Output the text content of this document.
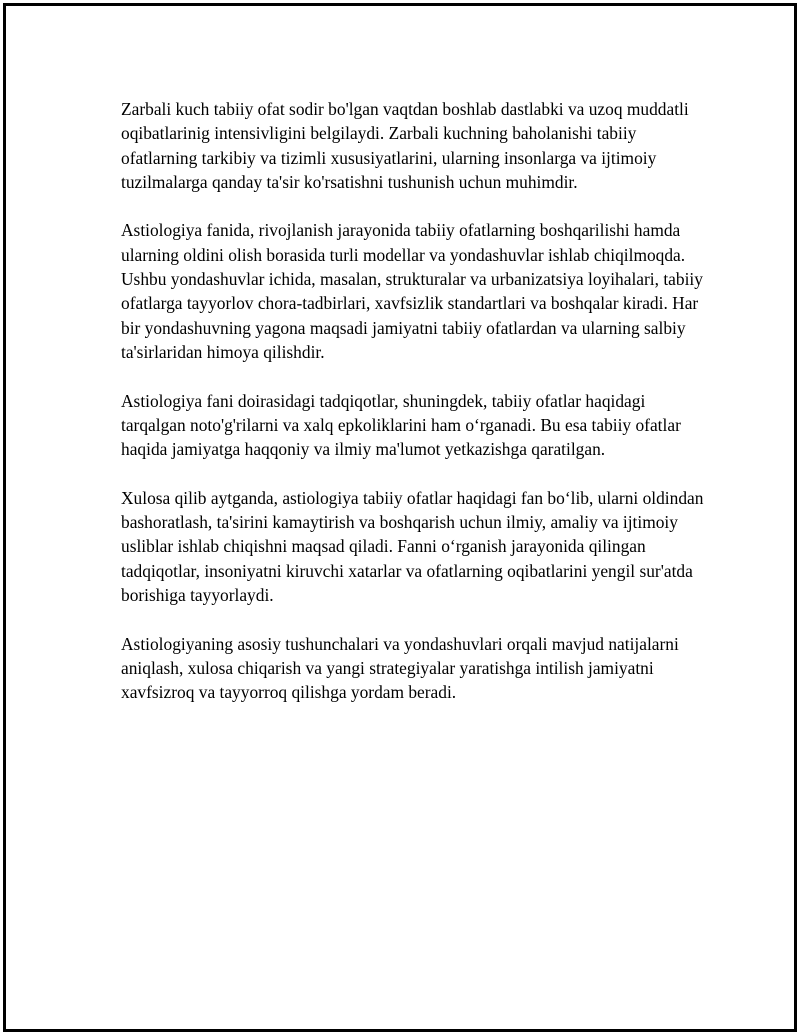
Zarbali kuch tabiiy ofat sodir bo'lgan vaqtdan boshlab dastlabki va uzoq muddatli oqibatlarinig intensivligini belgilaydi. Zarbali kuchning baholanishi tabiiy ofatlarning tarkibiy va tizimli xususiyatlarini, ularning insonlarga va ijtimoiy tuzilmalarga qanday ta'sir ko'rsatishni tushunish uchun muhimdir.

Astiologiya fanida, rivojlanish jarayonida tabiiy ofatlarning boshqarilishi hamda ularning oldini olish borasida turli modellar va yondashuvlar ishlab chiqilmoqda. Ushbu yondashuvlar ichida, masalan, strukturalar va urbanizatsiya loyihalari, tabiiy ofatlarga tayyorlov chora-tadbirlari, xavfsizlik standartlari va boshqalar kiradi. Har bir yondashuvning yagona maqsadi jamiyatni tabiiy ofatlardan va ularning salbiy ta'sirlaridan himoya qilishdir.

Astiologiya fani doirasidagi tadqiqotlar, shuningdek, tabiiy ofatlar haqidagi tarqalgan noto'g'rilarni va xalq epkoliklarini ham o‘rganadi. Bu esa tabiiy ofatlar haqida jamiyatga haqqoniy va ilmiy ma'lumot yetkazishga qaratilgan.

Xulosa qilib aytganda, astiologiya tabiiy ofatlar haqidagi fan bo‘lib, ularni oldindan bashoratlash, ta'sirini kamaytirish va boshqarish uchun ilmiy, amaliy va ijtimoiy usliblar ishlab chiqishni maqsad qiladi. Fanni o‘rganish jarayonida qilingan tadqiqotlar, insoniyatni kiruvchi xatarlar va ofatlarning oqibatlarini yengil sur'atda borishiga tayyorlaydi.

Astiologiyaning asosiy tushunchalari va yondashuvlari orqali mavjud natijalarni aniqlash, xulosa chiqarish va yangi strategiyalar yaratishga intilish jamiyatni xavfsizroq va tayyorroq qilishga yordam beradi.
